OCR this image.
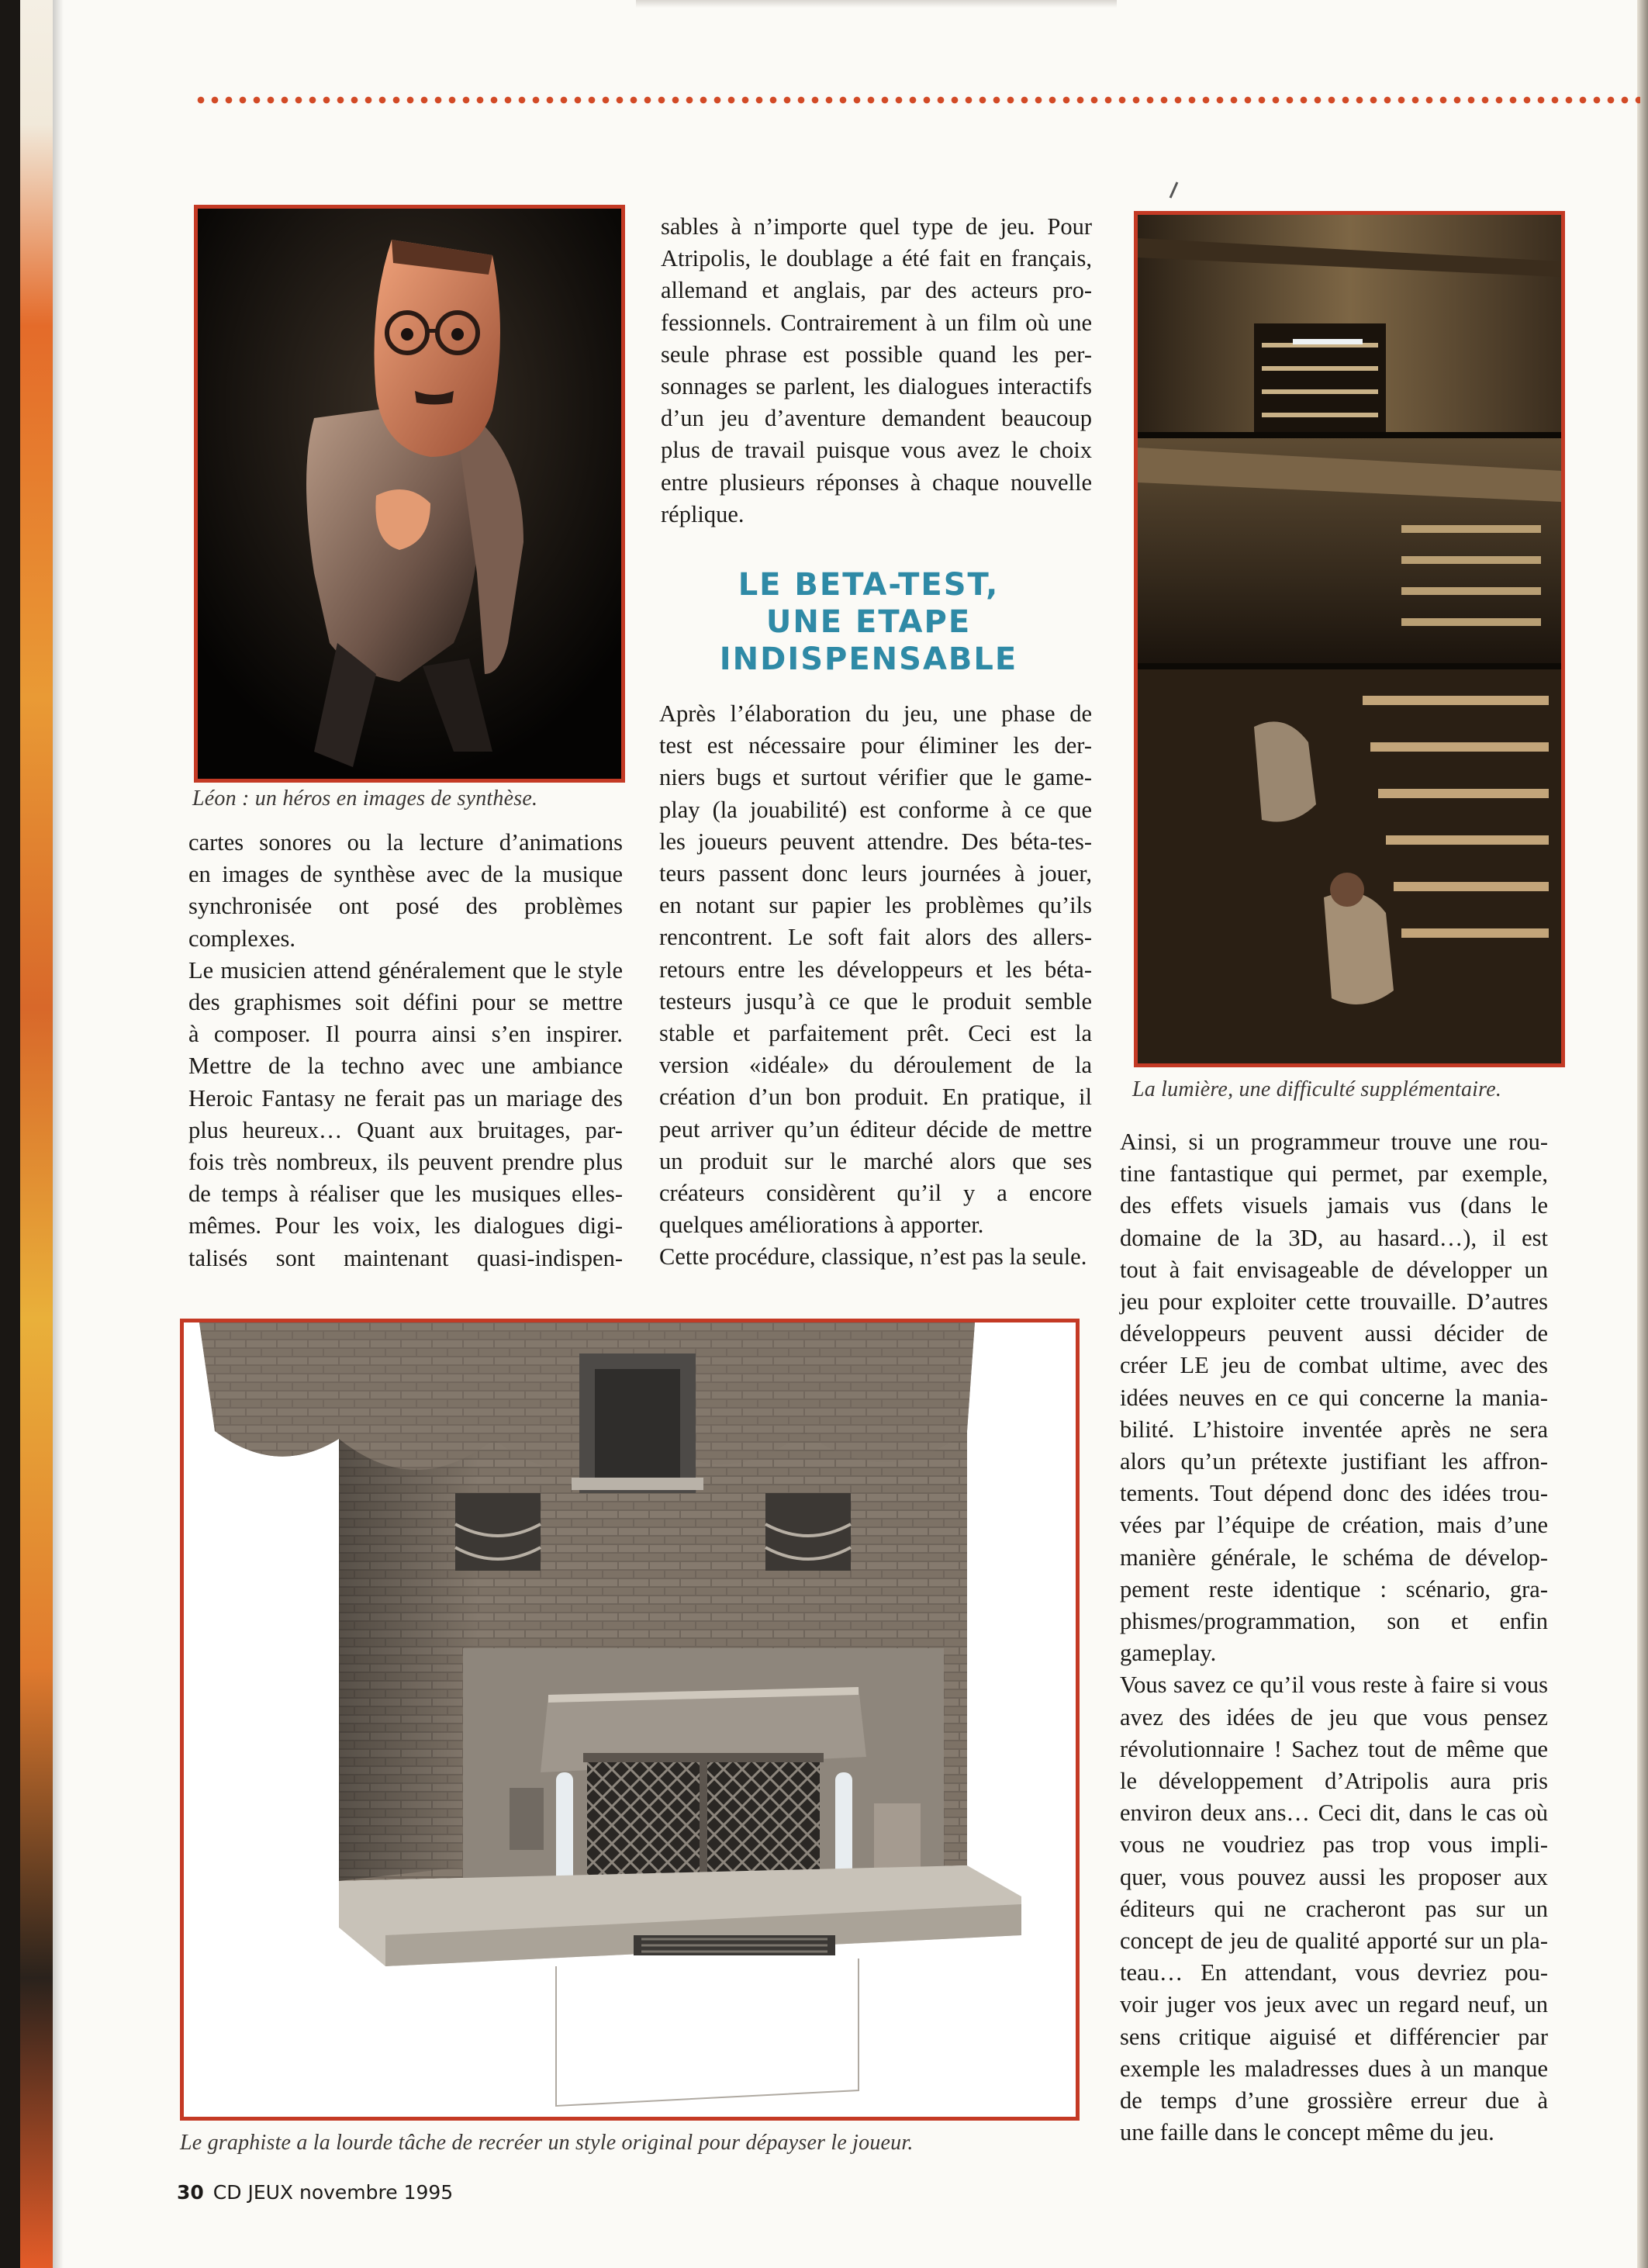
Léon : un héros en images de synthèse.
La lumière, une difficulté supplémentaire.
Le graphiste a la lourde tâche de recréer un style original pour dépayser le joueur.
cartes sonores ou la lecture d’animations
en images de synthèse avec de la musique
synchronisée ont posé des problèmes
complexes.
Le musicien attend généralement que le style
des graphismes soit défini pour se mettre
à composer. Il pourra ainsi s’en inspirer.
Mettre de la techno avec une ambiance
Heroic Fantasy ne ferait pas un mariage des
plus heureux… Quant aux bruitages, par-
fois très nombreux, ils peuvent prendre plus
de temps à réaliser que les musiques elles-
mêmes. Pour les voix, les dialogues digi-
talisés sont maintenant quasi-indispen-
sables à n’importe quel type de jeu. Pour
Atripolis, le doublage a été fait en français,
allemand et anglais, par des acteurs pro-
fessionnels. Contrairement à un film où une
seule phrase est possible quand les per-
sonnages se parlent, les dialogues interactifs
d’un jeu d’aventure demandent beaucoup
plus de travail puisque vous avez le choix
entre plusieurs réponses à chaque nouvelle
réplique.
LE BETA-TEST,
UNE ETAPE
INDISPENSABLE
Après l’élaboration du jeu, une phase de
test est nécessaire pour éliminer les der-
niers bugs et surtout vérifier que le game-
play (la jouabilité) est conforme à ce que
les joueurs peuvent attendre. Des béta-tes-
teurs passent donc leurs journées à jouer,
en notant sur papier les problèmes qu’ils
rencontrent. Le soft fait alors des allers-
retours entre les développeurs et les béta-
testeurs jusqu’à ce que le produit semble
stable et parfaitement prêt. Ceci est la
version «idéale» du déroulement de la
création d’un bon produit. En pratique, il
peut arriver qu’un éditeur décide de mettre
un produit sur le marché alors que ses
créateurs considèrent qu’il y a encore
quelques améliorations à apporter.
Cette procédure, classique, n’est pas la seule.
Ainsi, si un programmeur trouve une rou-
tine fantastique qui permet, par exemple,
des effets visuels jamais vus (dans le
domaine de la 3D, au hasard…), il est
tout à fait envisageable de développer un
jeu pour exploiter cette trouvaille. D’autres
développeurs peuvent aussi décider de
créer LE jeu de combat ultime, avec des
idées neuves en ce qui concerne la mania-
bilité. L’histoire inventée après ne sera
alors qu’un prétexte justifiant les affron-
tements. Tout dépend donc des idées trou-
vées par l’équipe de création, mais d’une
manière générale, le schéma de dévelop-
pement reste identique : scénario, gra-
phismes/programmation, son et enfin
gameplay.
Vous savez ce qu’il vous reste à faire si vous
avez des idées de jeu que vous pensez
révolutionnaire ! Sachez tout de même que
le développement d’Atripolis aura pris
environ deux ans… Ceci dit, dans le cas où
vous ne voudriez pas trop vous impli-
quer, vous pouvez aussi les proposer aux
éditeurs qui ne cracheront pas sur un
concept de jeu de qualité apporté sur un pla-
teau… En attendant, vous devriez pou-
voir juger vos jeux avec un regard neuf, un
sens critique aiguisé et différencier par
exemple les maladresses dues à un manque
de temps d’une grossière erreur due à
une faille dans le concept même du jeu.
30 CD JEUX novembre 1995
